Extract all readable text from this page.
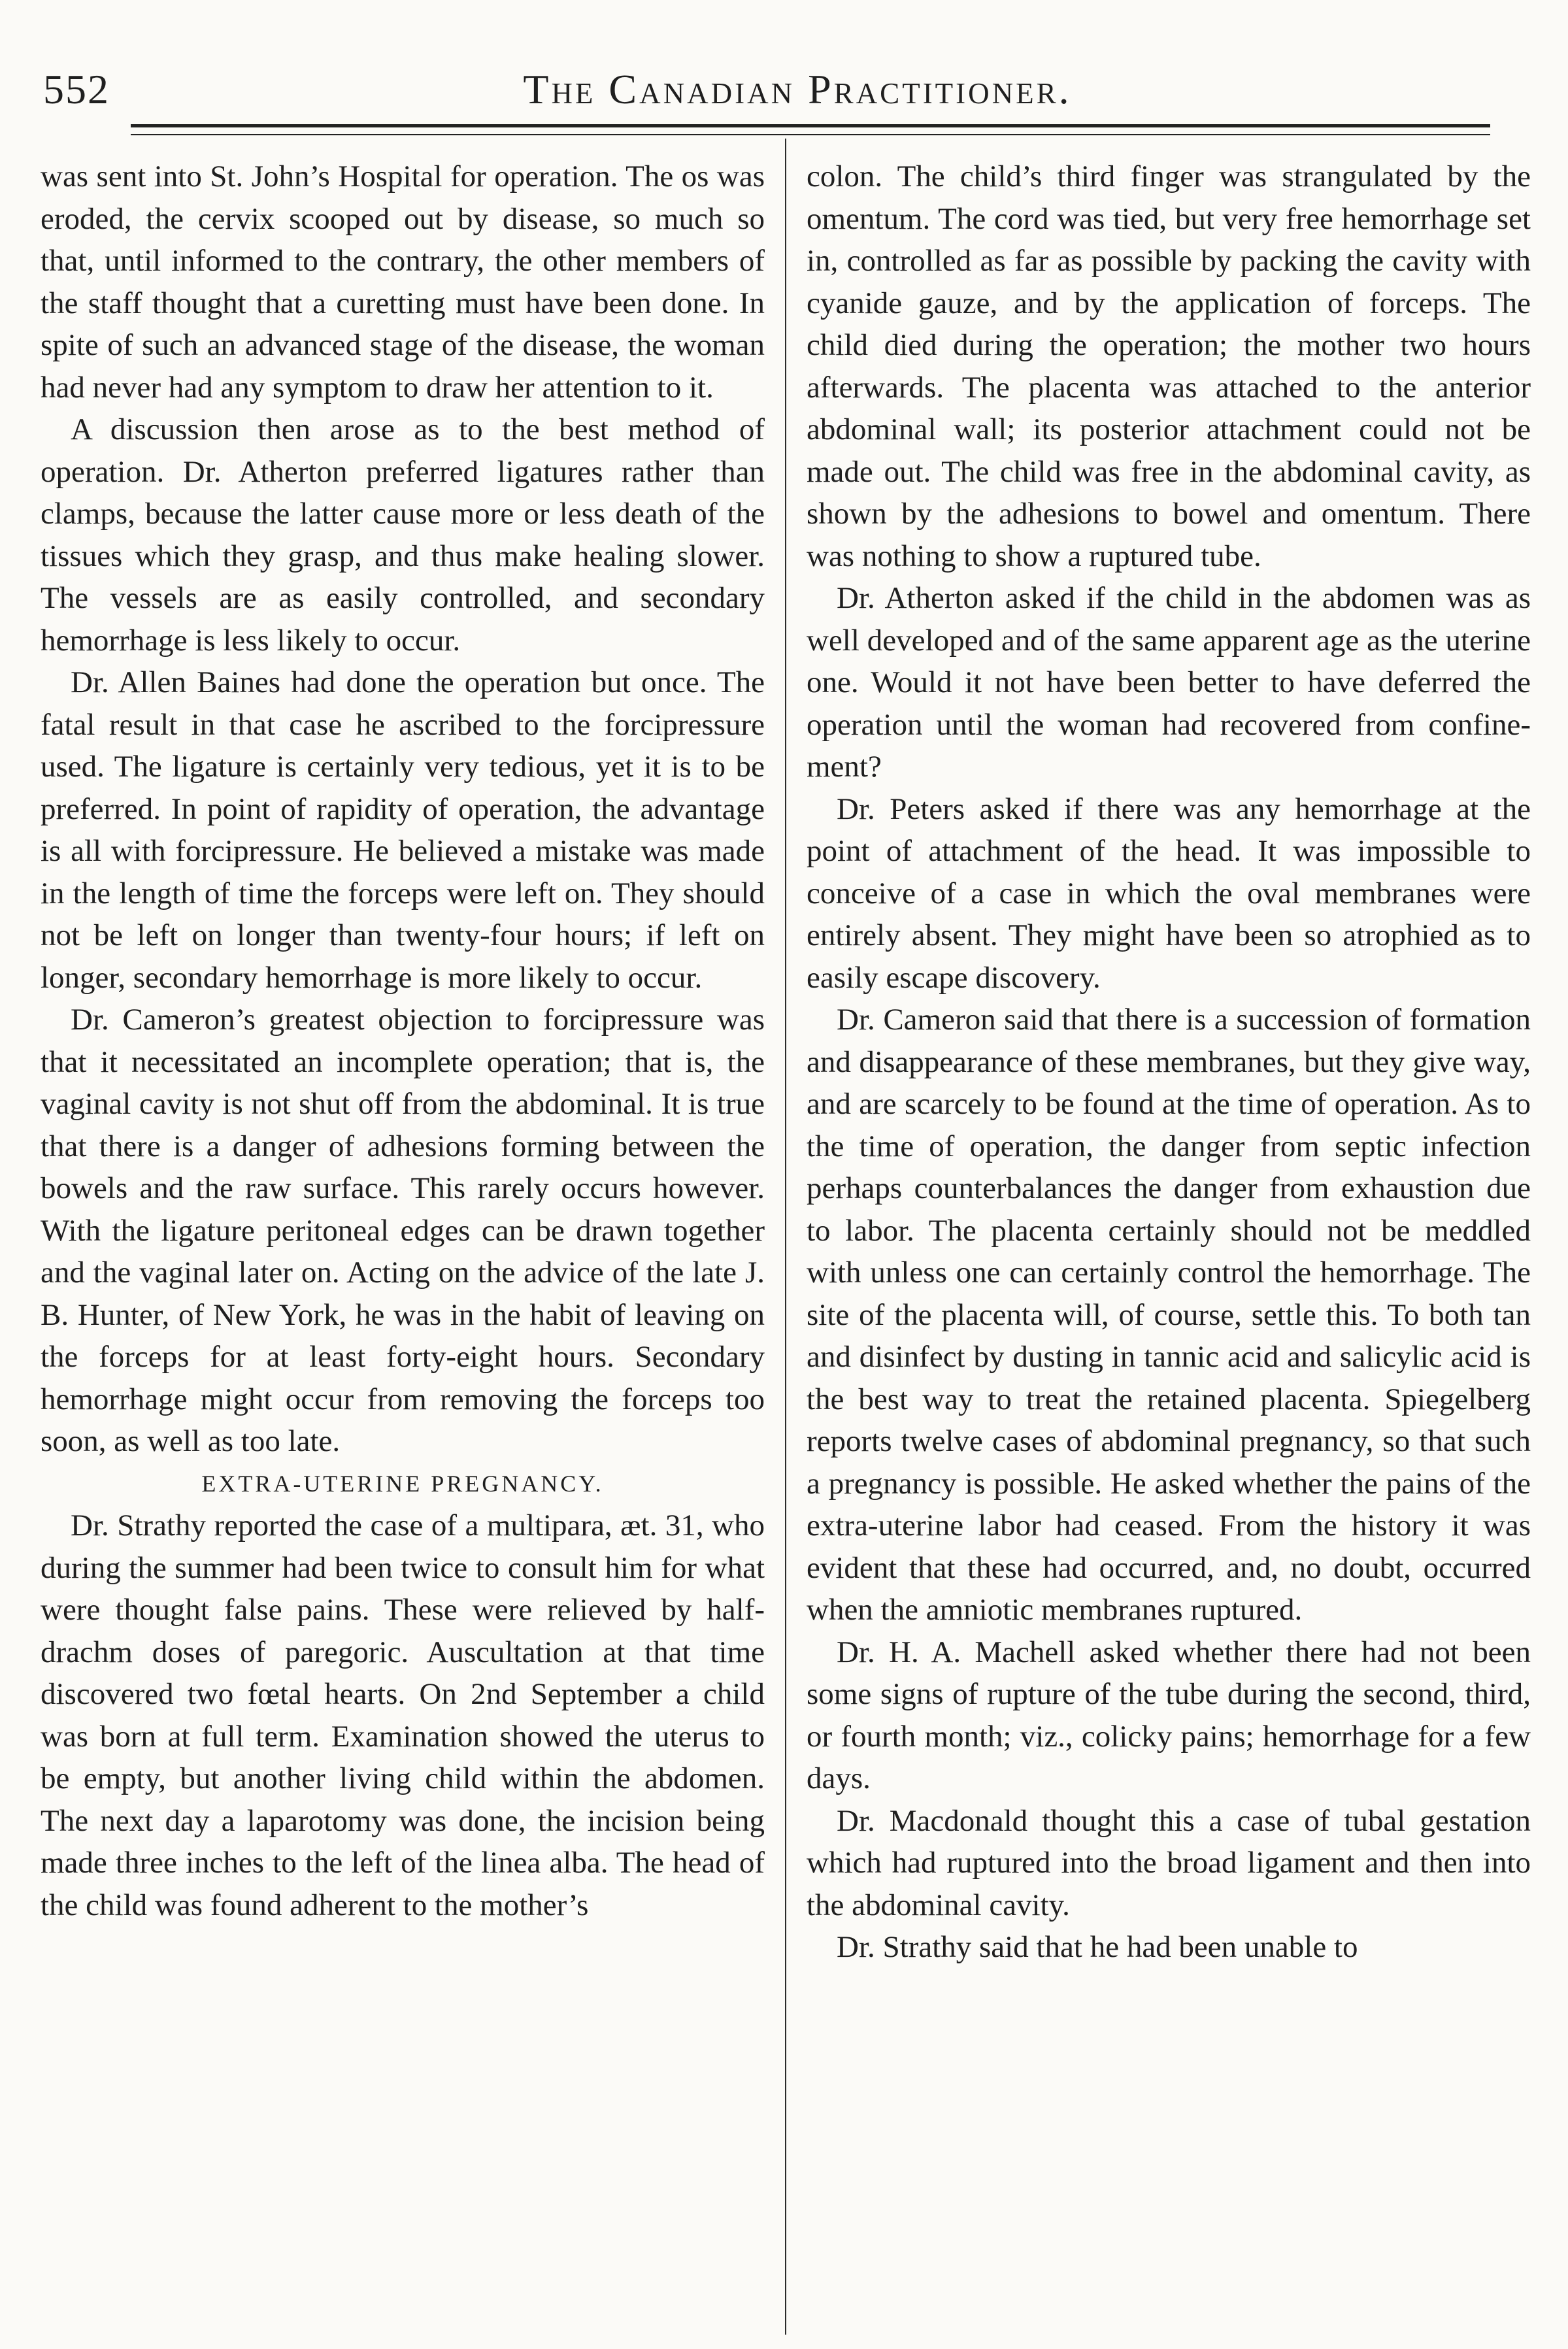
552	The Canadian Practitioner.

was sent into St. John’s Hospital for operation. The os was eroded, the cervix scooped out by disease, so much so that, until informed to the contrary, the other members of the staff thought that a curetting must have been done. In spite of such an advanced stage of the disease, the woman had never had any symptom to draw her attention to it.

A discussion then arose as to the best method of operation. Dr. Atherton preferred ligatures rather than clamps, because the latter cause more or less death of the tissues which they grasp, and thus make healing slower. The vessels are as easily controlled, and secondary hemorrhage is less likely to occur.

Dr. Allen Baines had done the operation but once. The fatal result in that case he ascribed to the forcipressure used. The ligature is certainly very tedious, yet it is to be preferred. In point of rapidity of operation, the advantage is all with forcipressure. He believed a mistake was made in the length of time the forceps were left on. They should not be left on longer than twenty-four hours; if left on longer, secondary hemorrhage is more likely to occur.

Dr. Cameron’s greatest objection to forcipressure was that it necessitated an incomplete operation; that is, the vaginal cavity is not shut off from the abdominal. It is true that there is a danger of adhesions forming between the bowels and the raw surface. This rarely occurs however. With the ligature peritoneal edges can be drawn together and the vaginal later on. Acting on the advice of the late J. B. Hunter, of New York, he was in the habit of leaving on the forceps for at least forty-eight hours. Secondary hemorrhage might occur from removing the forceps too soon, as well as too late.

EXTRA-UTERINE PREGNANCY.

Dr. Strathy reported the case of a multipara, æt. 31, who during the summer had been twice to consult him for what were thought false pains. These were relieved by half-drachm doses of paregoric. Auscultation at that time discovered two fœtal hearts. On 2nd September a child was born at full term. Examination showed the uterus to be empty, but another living child within the abdomen. The next day a laparotomy was done, the incision being made three inches to the left of the linea alba. The head of the child was found adherent to the mother’s

colon. The child’s third finger was strangulated by the omentum. The cord was tied, but very free hemorrhage set in, controlled as far as possible by packing the cavity with cyanide gauze, and by the application of forceps. The child died during the operation; the mother two hours afterwards. The placenta was attached to the anterior abdominal wall; its posterior attachment could not be made out. The child was free in the abdominal cavity, as shown by the adhesions to bowel and omentum. There was nothing to show a ruptured tube.

Dr. Atherton asked if the child in the abdomen was as well developed and of the same apparent age as the uterine one. Would it not have been better to have deferred the operation until the woman had recovered from confinement?

Dr. Peters asked if there was any hemorrhage at the point of attachment of the head. It was impossible to conceive of a case in which the oval membranes were entirely absent. They might have been so atrophied as to easily escape discovery.

Dr. Cameron said that there is a succession of formation and disappearance of these membranes, but they give way, and are scarcely to be found at the time of operation. As to the time of operation, the danger from septic infection perhaps counterbalances the danger from exhaustion due to labor. The placenta certainly should not be meddled with unless one can certainly control the hemorrhage. The site of the placenta will, of course, settle this. To both tan and disinfect by dusting in tannic acid and salicylic acid is the best way to treat the retained placenta. Spiegelberg reports twelve cases of abdominal pregnancy, so that such a pregnancy is possible. He asked whether the pains of the extra-uterine labor had ceased. From the history it was evident that these had occurred, and, no doubt, occurred when the amniotic membranes ruptured.

Dr. H. A. Machell asked whether there had not been some signs of rupture of the tube during the second, third, or fourth month; viz., colicky pains; hemorrhage for a few days.

Dr. Macdonald thought this a case of tubal gestation which had ruptured into the broad ligament and then into the abdominal cavity.

Dr. Strathy said that he had been unable to
